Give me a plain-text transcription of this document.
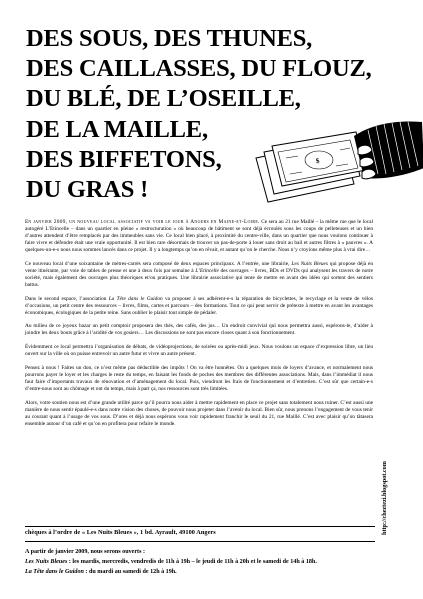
DES SOUS, DES THUNES,
DES CAILLASSES, DU FLOUZ,
DU BLÉ, DE L’OSEILLE,
DE LA MAILLE,
DES BIFFETONS,
DU GRAS !
$

En janvier 2009, un nouveau local associatif va voir le jour à Angers en Maine-et-Loire. Ce sera au 21 rue Maillé – la même rue que le local autogéré L’Etincelle – dans un quartier en pleine « restructuration » où beaucoup de bâtiment se sont déjà écroulés sous les coups de pelleteuses et un bien d’autres attendent d’être remplacés par des immeubles sans vie. Ce local bien placé, à proximité du centre-ville, dans un quartier que nous voulons continuer à faire vivre et défendre était une vraie opportunité. Il est bien rare désormais de trouver un pas-de-porte à louer sans droit au bail et autres filtres à « pauvres ». A quelques-un-e-s nous nous sommes lancés dans ce projet. Il y a longtemps qu’on en rêvait, et autant qu’on le cherche. Nous n’y croyions même plus à vrai dire…

Ce nouveau local d’une soixantaine de mètres-carrés sera composé de deux espaces principaux. A l’entrée, une librairie, Les Nuits Bleues qui propose déjà en vente itinérante, par voie de tables de presse et une à deux fois par semaine à L’Etincelle des ouvrages – livres, BDs et DVDs qui analysent les travers de notre société, mais également des ouvrages plus théoriques et/ou pratiques. Une librairie associative qui tente de mettre en avant des idées qui sortent des sentiers battus.

Dans le second espace, l’association La Tête dans le Guidon va proposer à ses adhérent-e-s la réparation de bicyclettes, le recyclage et la vente de vélos d’occasions, un petit centre des ressources – livres, films, cartes et parcours – des formations. Tout ce qui peut servir de prétexte à mettre en avant les avantages économiques, écologiques de la petite reine. Sans oublier le plaisir tout simple de pédaler.

Au milieu de ce joyeux bazar un petit comptoir proposera des thés, des cafés, des jus… Un endroit convivial qui nous permettra aussi, espérons-le, d’aider à joindre les deux bouts grâce à l’aridité de vos gosiers… Les discussions ne sont pas encore closes quant à son fonctionnement.

Évidemment ce local permettra l’organisation de débats, de vidéoprojections, de soirées ou après-midi jeux. Nous voulons un espace d’expression libre, un lieu ouvert sur la ville où on puisse entrevoir un autre futur et vivre un autre présent.

Pensez à nous ! Faites un don, ce n’est même pas déductible des impôts ! On va être honnêtes. On a quelques mois de loyers d’avance, et normalement nous pourrons payer le loyer et les charges le reste du temps, en faisant les fonds de poches des membres des différentes associations. Mais, dans l’immédiat il nous faut faire d’importants travaux de rénovation et d’aménagement du local. Puis, viendront les frais de fonctionnement et d’entretien. C’est sûr que certain-e-s d’entre-nous sont au chômage et ont du temps, mais à part ça, nos ressources sont très limitées.

Alors, votre soutien nous est d’une grande utilité parce qu’il pourra nous aider à mettre rapidement en place ce projet sans totalement nous ruiner. C’est aussi une manière de nous sentir épaulé-e-s dans notre vision des choses, de pouvoir nous projeter dans l’avenir du local. Bien sûr, nous prenons l’engagement de vous tenir au courant quant à l’usage de vos sous. D’ores et déjà nous espérons vous voir rapidement franchir le seuil du 21, rue Maillé. C’est avec plaisir qu’on tâtasera ensemble autour d’un café et qu’on en profitera pour refaire le monde.

http://cheztezi.blogspot.com
chèques à l’ordre de « Les Nuits Bleues », 1 bd. Ayrault, 49100 Angers
A partir de janvier 2009, nous serons ouverts :
Les Nuits Bleues : les mardis, mercredis, vendredis de 11h à 19h – le jeudi de 11h à 20h et le samedi de 14h à 18h.
La Tête dans le Guidon : du mardi au samedi de 12h à 19h.
